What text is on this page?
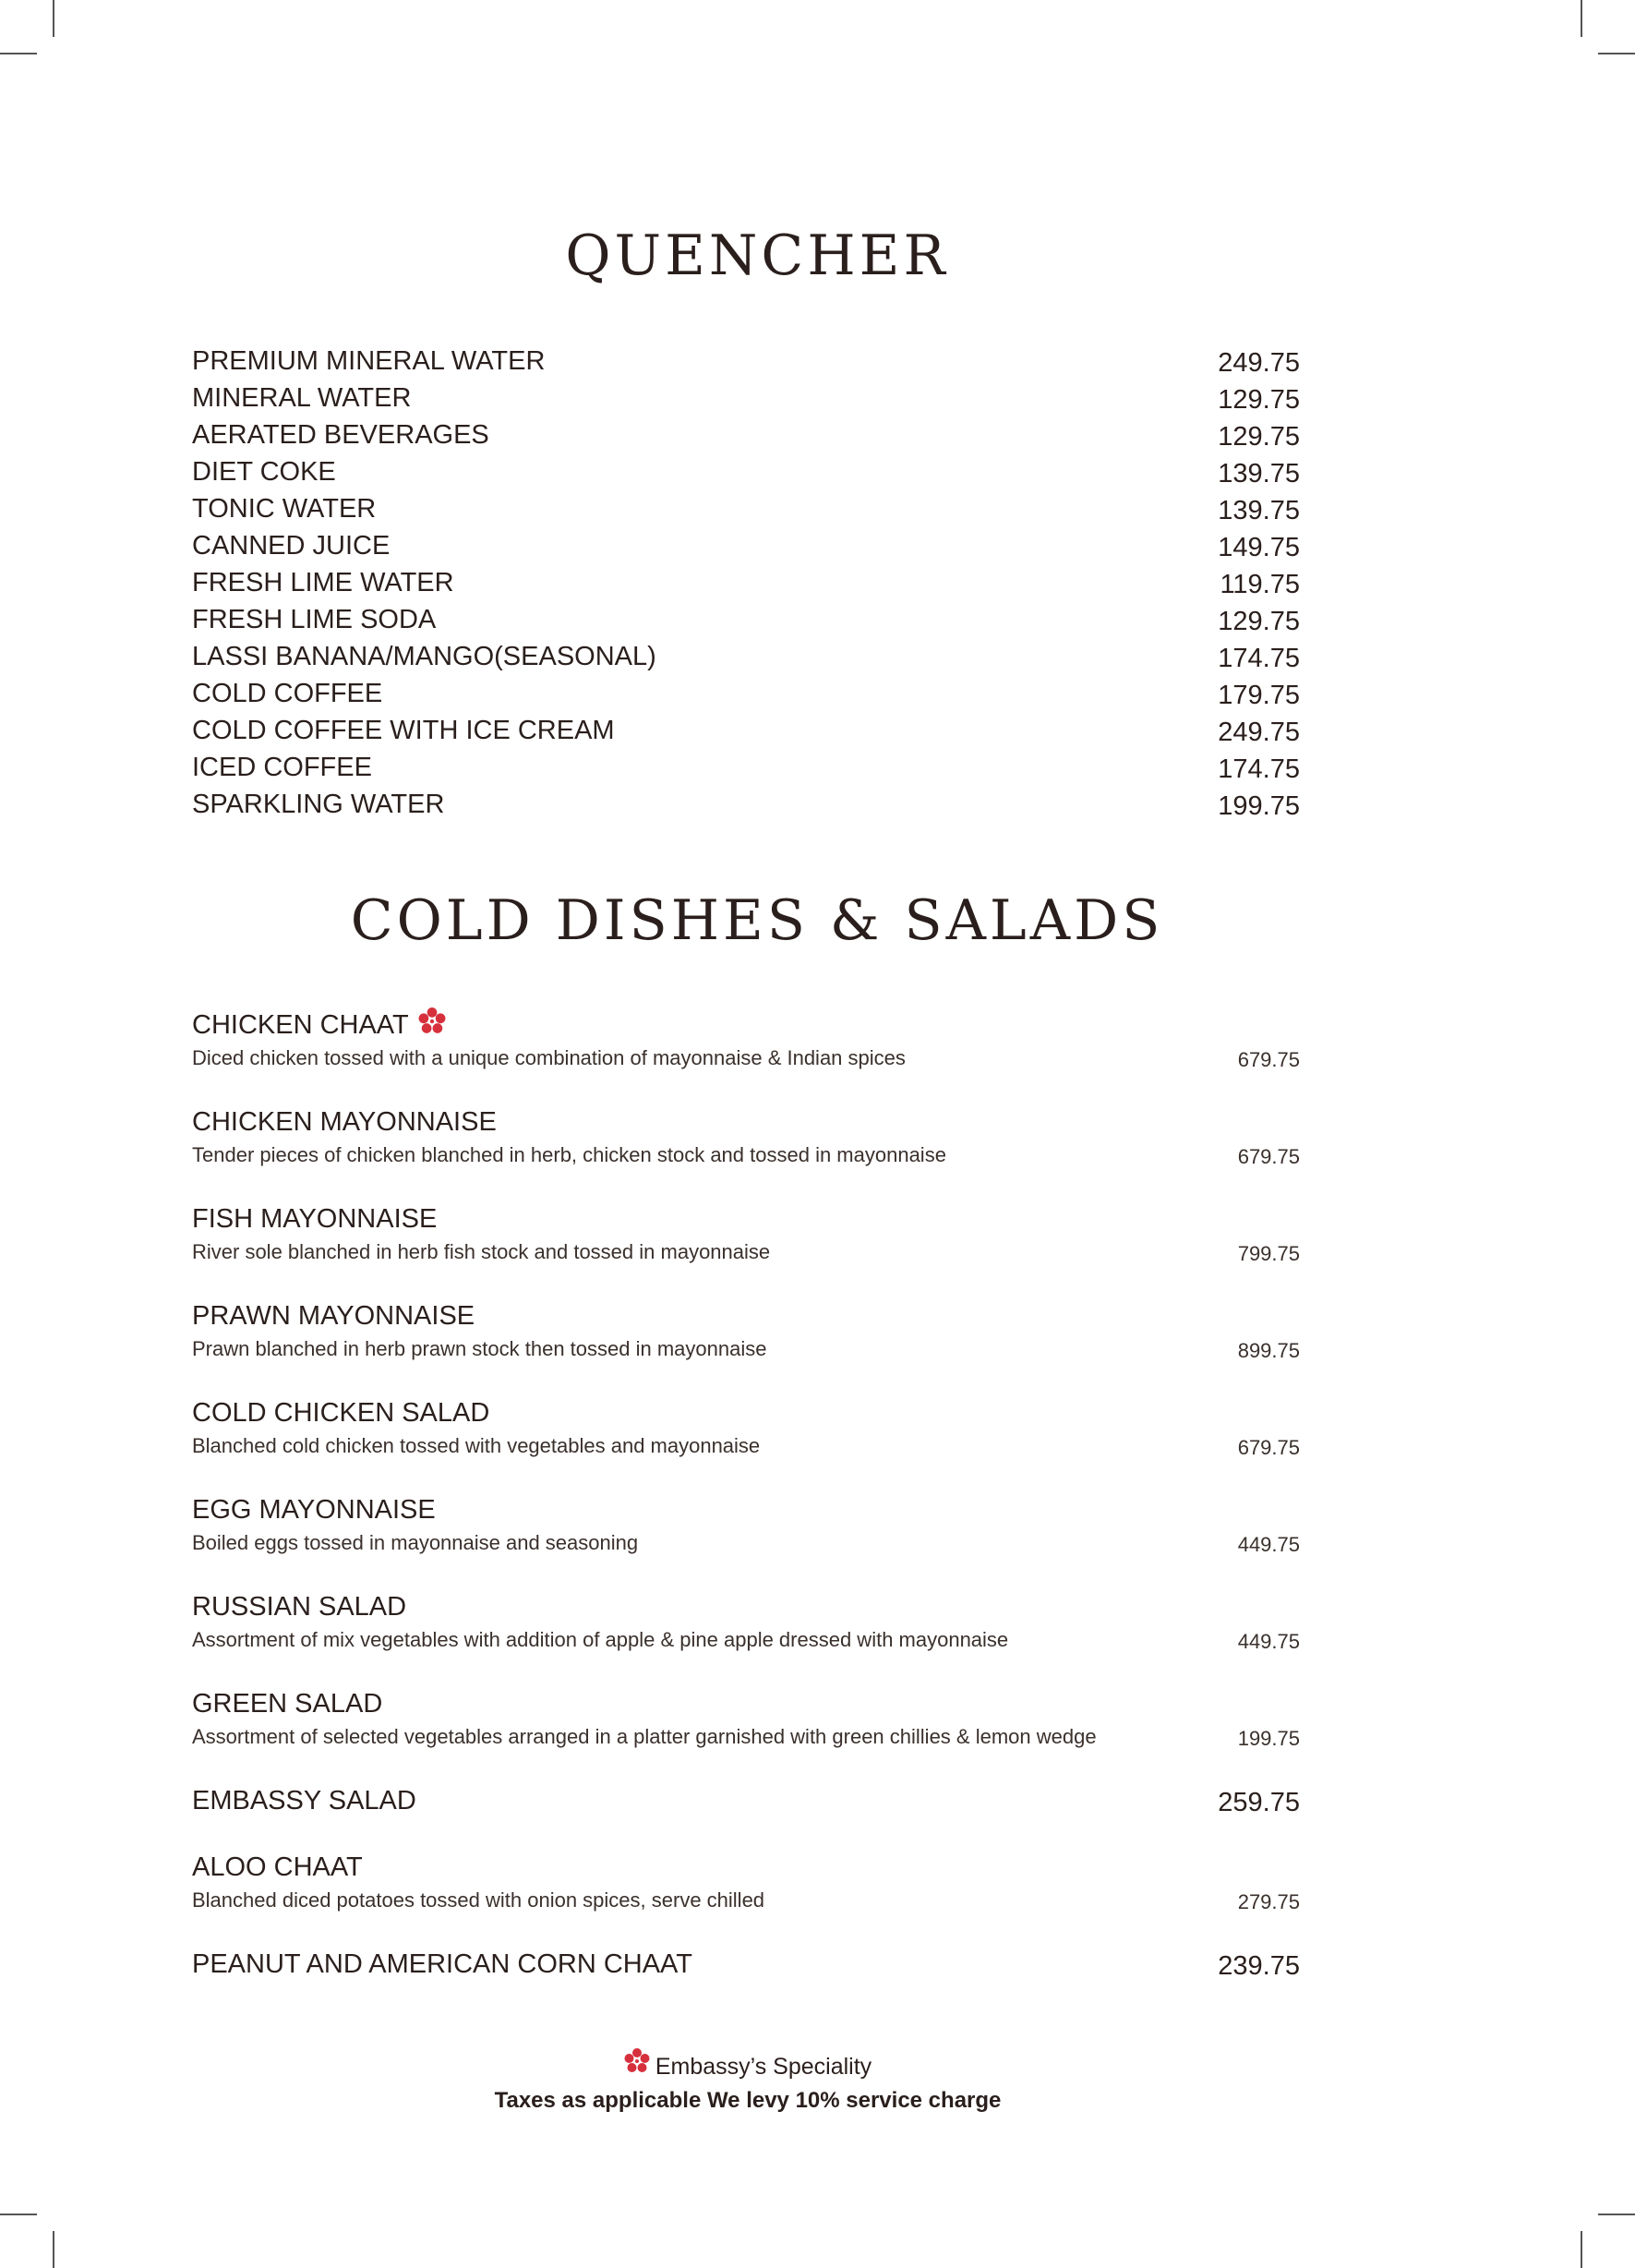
QUENCHER
PREMIUM MINERAL WATER	249.75
MINERAL WATER	129.75
AERATED BEVERAGES	129.75
DIET COKE	139.75
TONIC WATER	139.75
CANNED JUICE	149.75
FRESH LIME WATER	119.75
FRESH LIME SODA	129.75
LASSI BANANA/MANGO(SEASONAL)	174.75
COLD COFFEE	179.75
COLD COFFEE WITH ICE CREAM	249.75
ICED COFFEE	174.75
SPARKLING WATER	199.75
COLD DISHES & SALADS
CHICKEN CHAAT
Diced chicken tossed with a unique combination of mayonnaise & Indian spices	679.75
CHICKEN MAYONNAISE
Tender pieces of chicken blanched in herb, chicken stock and tossed in mayonnaise	679.75
FISH MAYONNAISE
River sole blanched in herb fish stock and tossed in mayonnaise	799.75
PRAWN MAYONNAISE
Prawn blanched in herb prawn stock then tossed in mayonnaise	899.75
COLD CHICKEN SALAD
Blanched cold chicken tossed with vegetables and mayonnaise	679.75
EGG MAYONNAISE
Boiled eggs tossed in mayonnaise and seasoning	449.75
RUSSIAN SALAD
Assortment of mix vegetables with addition of apple & pine apple dressed with mayonnaise	449.75
GREEN SALAD
Assortment of selected vegetables arranged in a platter garnished with green chillies & lemon wedge	199.75
EMBASSY SALAD	259.75
ALOO CHAAT
Blanched diced potatoes tossed with onion spices, serve chilled	279.75
PEANUT AND AMERICAN CORN CHAAT	239.75
Embassy’s Speciality
Taxes as applicable We levy 10% service charge
